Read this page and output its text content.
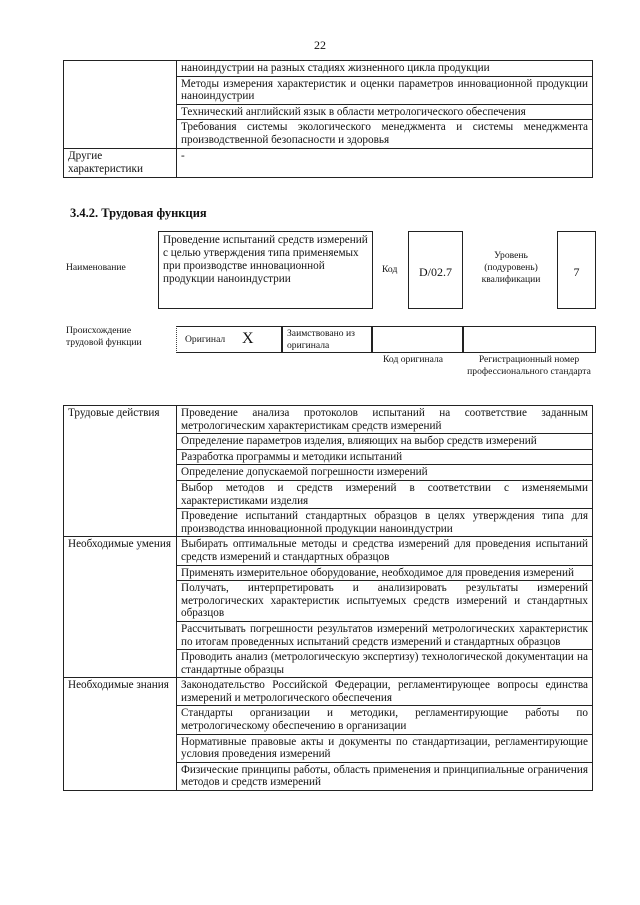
22
	наноиндустрии на разных стадиях жизненного цикла продукции
	Методы измерения характеристик и оценки параметров инновационной продукции наноиндустрии
	Технический английский язык в области метрологического обеспечения
	Требования системы экологического менеджмента и системы менеджмента производственной безопасности и здоровья
Другие характеристики	-
3.4.2. Трудовая функция
Наименование
Проведение испытаний средств измерений с целью утверждения типа применяемых при производстве инновационной продукции наноиндустрии
Код	D/02.7
Уровень (подуровень) квалификации
7
Происхождение трудовой функции	Оригинал X	Заимствовано из оригинала
Код оригинала	Регистрационный номер профессионального стандарта
Трудовые действия	Проведение анализа протоколов испытаний на соответствие заданным метрологическим характеристикам средств измерений
	Определение параметров изделия, влияющих на выбор средств измерений
	Разработка программы и методики испытаний
	Определение допускаемой погрешности измерений
	Выбор методов и средств измерений в соответствии с изменяемыми характеристиками изделия
	Проведение испытаний стандартных образцов в целях утверждения типа для производства инновационной продукции наноиндустрии
Необходимые умения	Выбирать оптимальные методы и средства измерений для проведения испытаний средств измерений и стандартных образцов
	Применять измерительное оборудование, необходимое для проведения измерений
	Получать, интерпретировать и анализировать результаты измерений метрологических характеристик испытуемых средств измерений и стандартных образцов
	Рассчитывать погрешности результатов измерений метрологических характеристик по итогам проведенных испытаний средств измерений и стандартных образцов
	Проводить анализ (метрологическую экспертизу) технологической документации на стандартные образцы
Необходимые знания	Законодательство Российской Федерации, регламентирующее вопросы единства измерений и метрологического обеспечения
	Стандарты организации и методики, регламентирующие работы по метрологическому обеспечению в организации
	Нормативные правовые акты и документы по стандартизации, регламентирующие условия проведения измерений
	Физические принципы работы, область применения и принципиальные ограничения методов и средств измерений
